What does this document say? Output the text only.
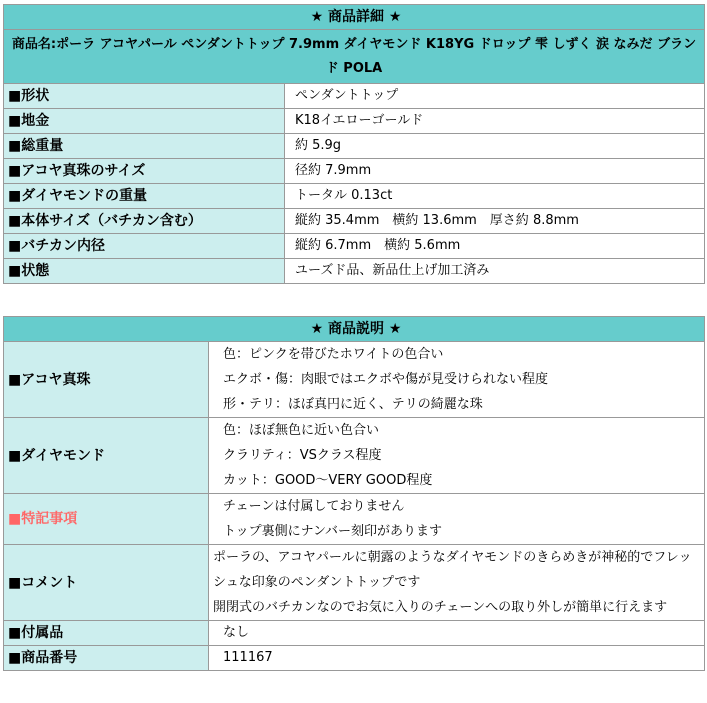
★ 商品詳細 ★	
商品名:ポーラ アコヤパール ペンダントトップ 7.9mm ダイヤモンド K18YG ドロップ 雫 しずく 涙 なみだ ブランド POLA	
■形状	ペンダントトップ
■地金	K18イエローゴールド
■総重量	約 5.9g
■アコヤ真珠のサイズ	径約 7.9mm
■ダイヤモンドの重量	トータル 0.13ct
■本体サイズ（バチカン含む）	縦約 35.4mm　横約 13.6mm　厚さ約 8.8mm
■バチカン内径	縦約 6.7mm　横約 5.6mm
■状態	ユーズド品、新品仕上げ加工済み
★ 商品説明 ★	
■アコヤ真珠	色：ピンクを帯びたホワイトの色合い
エクボ・傷：肉眼ではエクボや傷が見受けられない程度
形・テリ：ほぼ真円に近く、テリの綺麗な珠

■ダイヤモンド	色：ほぼ無色に近い色合い
クラリティ：VSクラス程度
カット：GOOD～VERY GOOD程度

■特記事項	チェーンは付属しておりません
トップ裏側にナンバー刻印があります

■コメント	ポーラの、アコヤパールに朝露のようなダイヤモンドのきらめきが神秘的でフレッシュな印象のペンダントトップです
開閉式のバチカンなのでお気に入りのチェーンへの取り外しが簡単に行えます

■付属品	なし
■商品番号	111167
